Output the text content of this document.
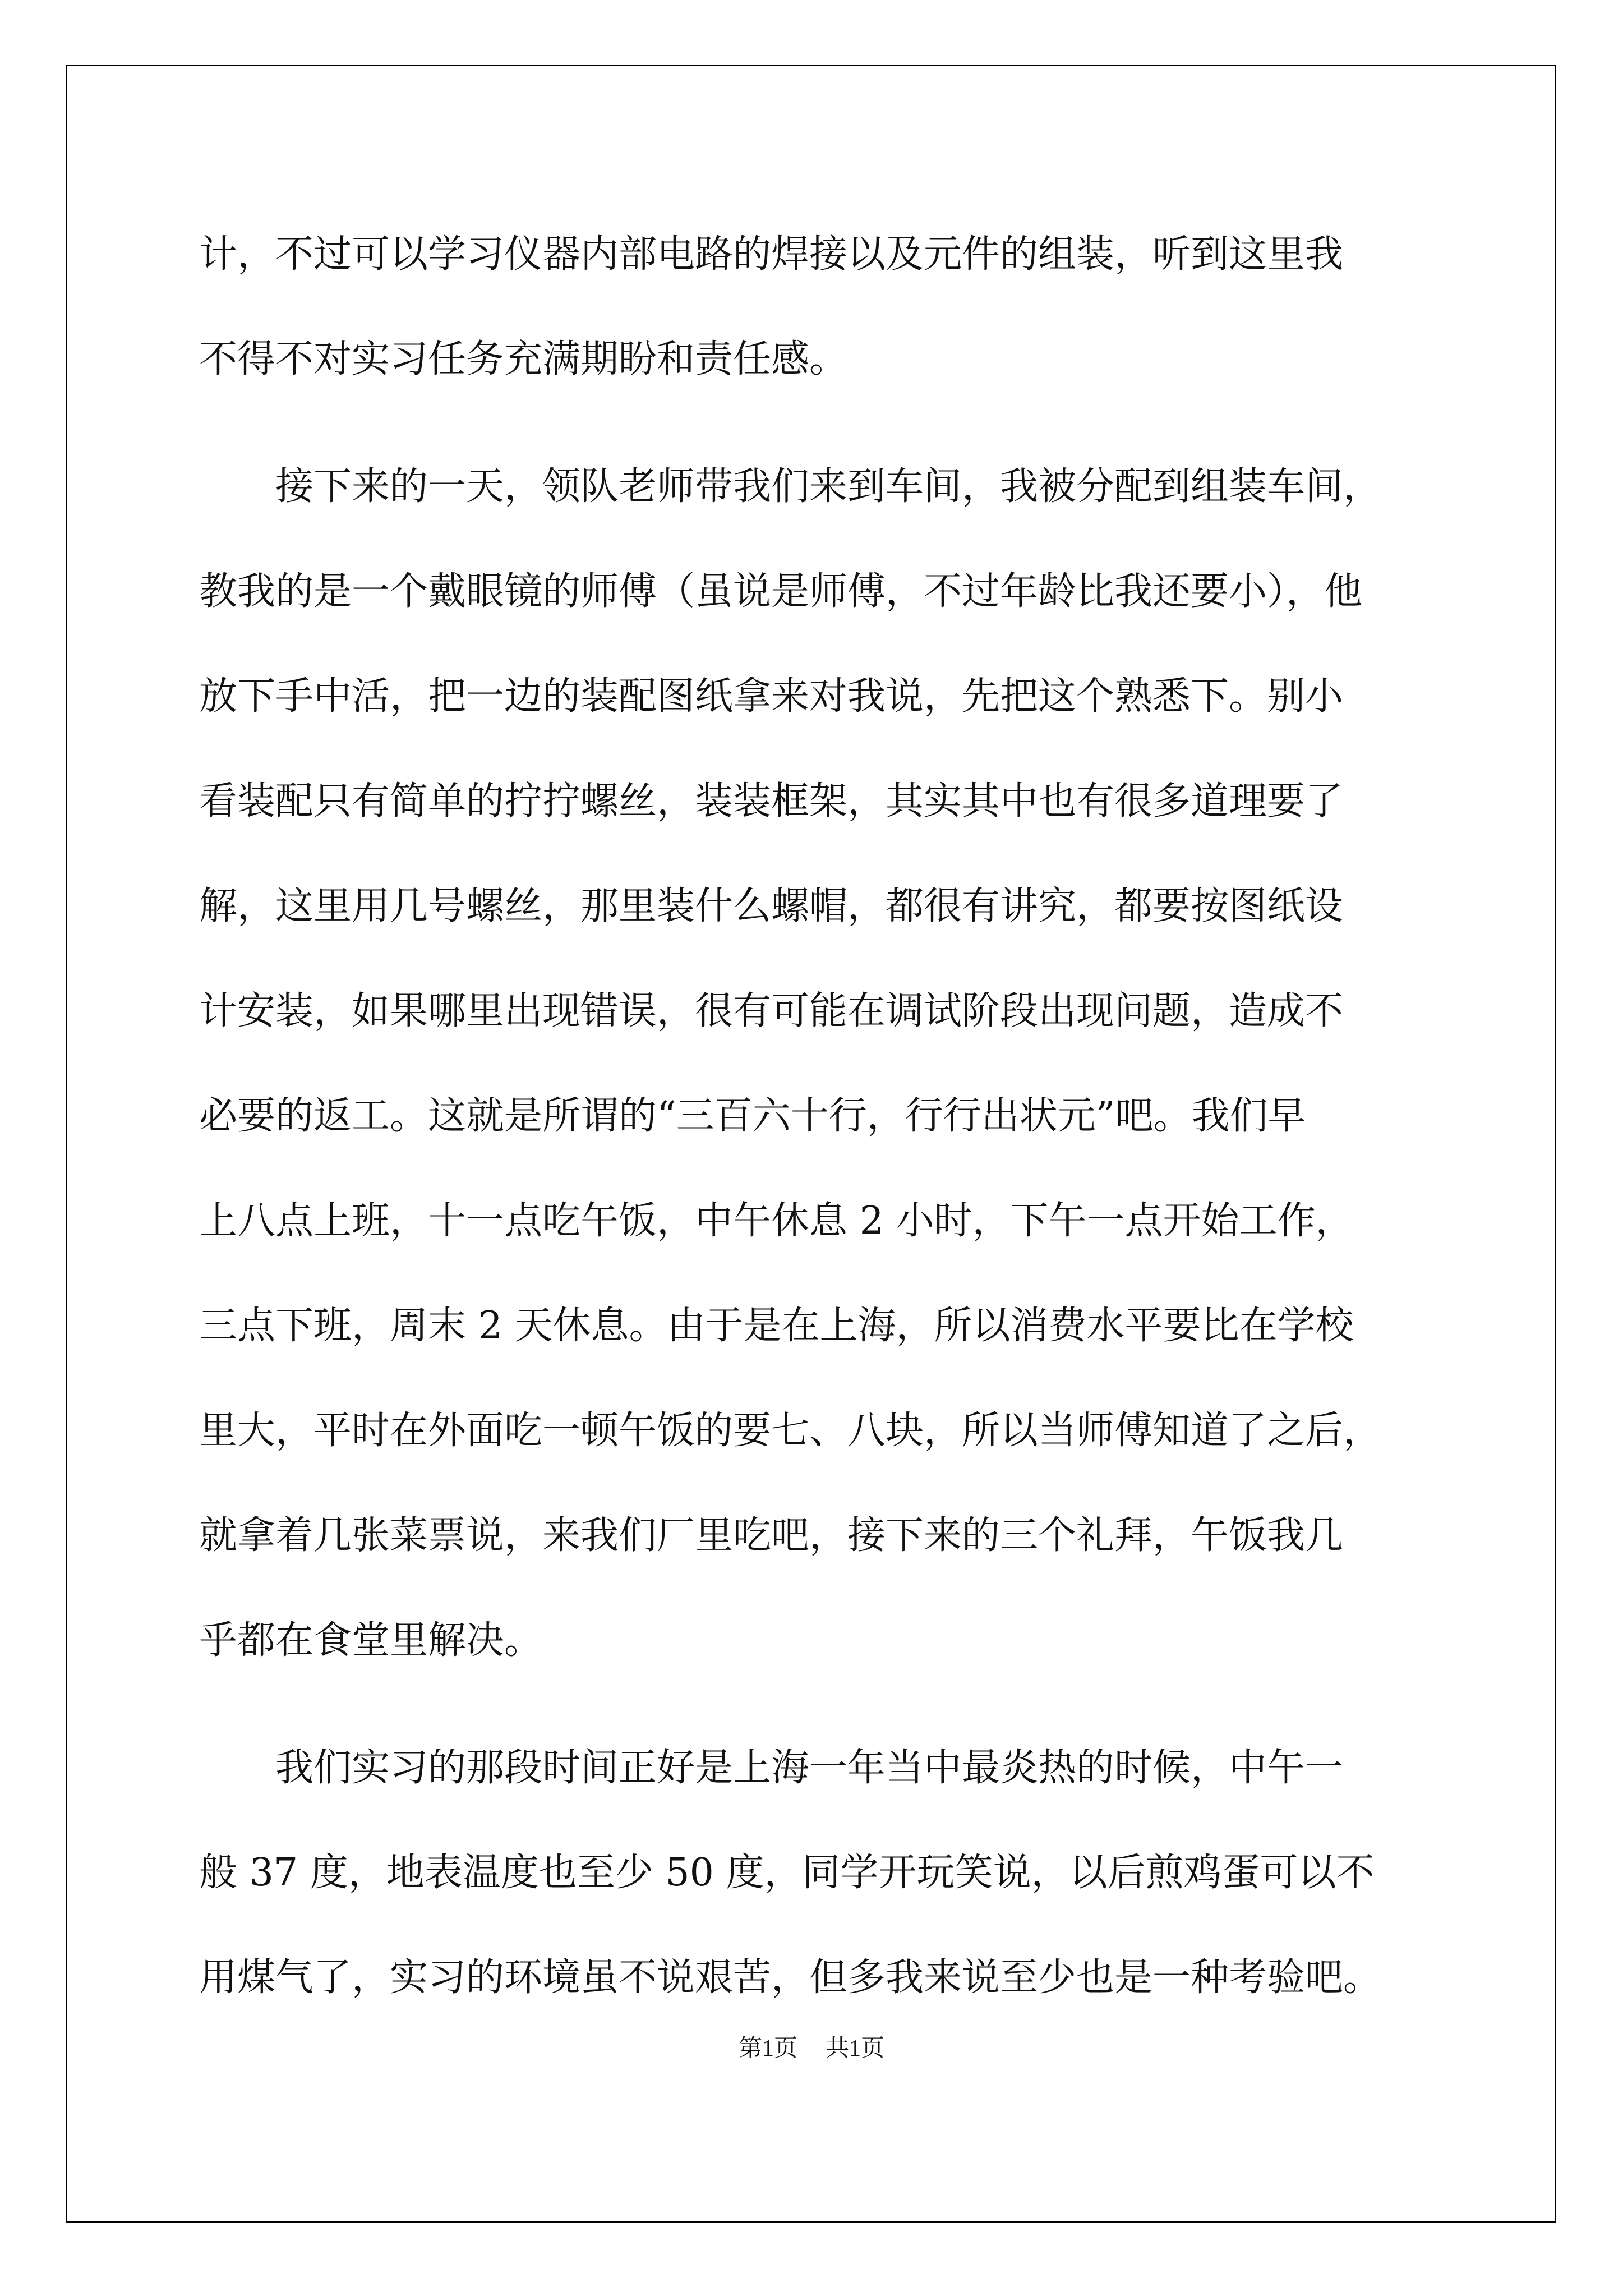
计，不过可以学习仪器内部电路的焊接以及元件的组装，听到这里我
不得不对实习任务充满期盼和责任感。
　　接下来的一天，领队老师带我们来到车间，我被分配到组装车间，
教我的是一个戴眼镜的师傅（虽说是师傅，不过年龄比我还要小），他
放下手中活，把一边的装配图纸拿来对我说，先把这个熟悉下。别小
看装配只有简单的拧拧螺丝，装装框架，其实其中也有很多道理要了
解，这里用几号螺丝，那里装什么螺帽，都很有讲究，都要按图纸设
计安装，如果哪里出现错误，很有可能在调试阶段出现问题，造成不
必要的返工。这就是所谓的“三百六十行，行行出状元”吧。我们早
上八点上班，十一点吃午饭，中午休息 2 小时，下午一点开始工作，
三点下班，周末 2 天休息。由于是在上海，所以消费水平要比在学校
里大，平时在外面吃一顿午饭的要七、八块，所以当师傅知道了之后，
就拿着几张菜票说，来我们厂里吃吧，接下来的三个礼拜，午饭我几
乎都在食堂里解决。
　　我们实习的那段时间正好是上海一年当中最炎热的时候，中午一
般 37 度，地表温度也至少 50 度，同学开玩笑说，以后煎鸡蛋可以不
用煤气了，实习的环境虽不说艰苦，但多我来说至少也是一种考验吧。
第1页 共1页
